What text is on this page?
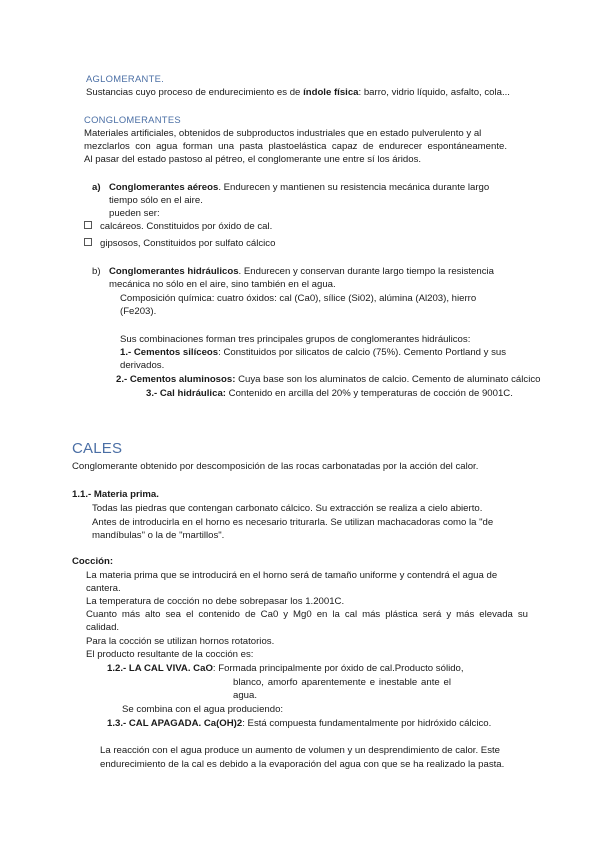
AGLOMERANTE.
Sustancias cuyo proceso de endurecimiento es de índole física: barro, vidrio líquido, asfalto, cola...
CONGLOMERANTES
Materiales artificiales, obtenidos de subproductos industriales que en estado pulverulento y al
mezclarlos con agua forman una pasta plastoelástica capaz de endurecer espontáneamente.
Al pasar del estado pastoso al pétreo, el conglomerante une entre sí los áridos.
a) Conglomerantes aéreos. Endurecen y mantienen su resistencia mecánica durante largo
tiempo sólo en el aire.
pueden ser:
calcáreos. Constituidos por óxido de cal.
gipsosos, Constituidos por sulfato cálcico
b) Conglomerantes hidráulicos. Endurecen y conservan durante largo tiempo la resistencia
mecánica no sólo en el aire, sino también en el agua.
Composición química: cuatro óxidos: cal (Ca0), sílice (Si02), alúmina (Al203), hierro
(Fe203).
Sus combinaciones forman tres principales grupos de conglomerantes hidráulicos:
1.- Cementos silíceos: Constituidos por silicatos de calcio (75%). Cemento Portland y sus
derivados.
2.- Cementos aluminosos: Cuya base son los aluminatos de calcio. Cemento de aluminato cálcico
3.- Cal hidráulica: Contenido en arcilla del 20% y temperaturas de cocción de 9001C.
CALES
Conglomerante obtenido por descomposición de las rocas carbonatadas por la acción del calor.
1.1.- Materia prima.
Todas las piedras que contengan carbonato cálcico. Su extracción se realiza a cielo abierto.
Antes de introducirla en el horno es necesario triturarla. Se utilizan machacadoras como la "de
mandíbulas" o la de "martillos".
Cocción:
La materia prima que se introducirá en el horno será de tamaño uniforme y contendrá el agua de
cantera.
La temperatura de cocción no debe sobrepasar los 1.2001C.
Cuanto más alto sea el contenido de Ca0 y Mg0 en la cal más plástica será y más elevada su
calidad.
Para la cocción se utilizan hornos rotatorios.
El producto resultante de la cocción es:
1.2.- LA CAL VIVA. CaO: Formada principalmente por óxido de cal.Producto sólido,
blanco, amorfo aparentemente e inestable ante el
agua.
Se combina con el agua produciendo:
1.3.- CAL APAGADA. Ca(OH)2: Está compuesta fundamentalmente por hidróxido cálcico.
La reacción con el agua produce un aumento de volumen y un desprendimiento de calor. Este
endurecimiento de la cal es debido a la evaporación del agua con que se ha realizado la pasta.
